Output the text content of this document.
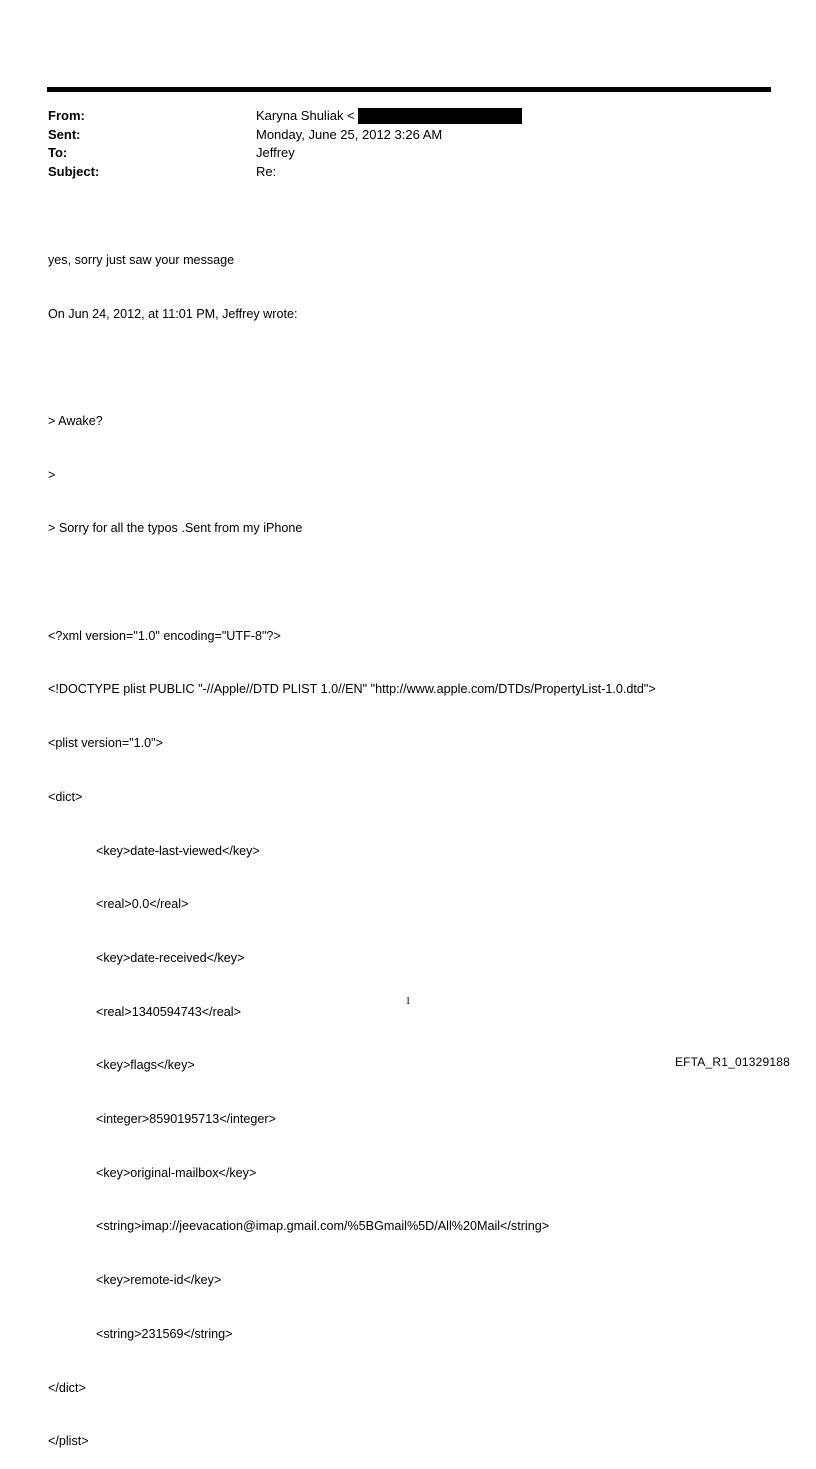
From:	Karyna Shuliak <
Sent:	Monday, June 25, 2012 3:26 AM
To:	Jeffrey
Subject:	Re:

yes, sorry just saw your message

On Jun 24, 2012, at 11:01 PM, Jeffrey wrote:

> Awake?

>

> Sorry for all the typos .Sent from my iPhone

<?xml version="1.0" encoding="UTF-8"?>

<!DOCTYPE plist PUBLIC "-//Apple//DTD PLIST 1.0//EN" "http://www.apple.com/DTDs/PropertyList-1.0.dtd">

<plist version="1.0">

<dict>

<key>date-last-viewed</key>

<real>0.0</real>

<key>date-received</key>

<real>1340594743</real>

<key>flags</key>

<integer>8590195713</integer>

<key>original-mailbox</key>

<string>imap://jeevacation@imap.gmail.com/%5BGmail%5D/All%20Mail</string>

<key>remote-id</key>

<string>231569</string>

</dict>

</plist>

1
EFTA_R1_01329188
